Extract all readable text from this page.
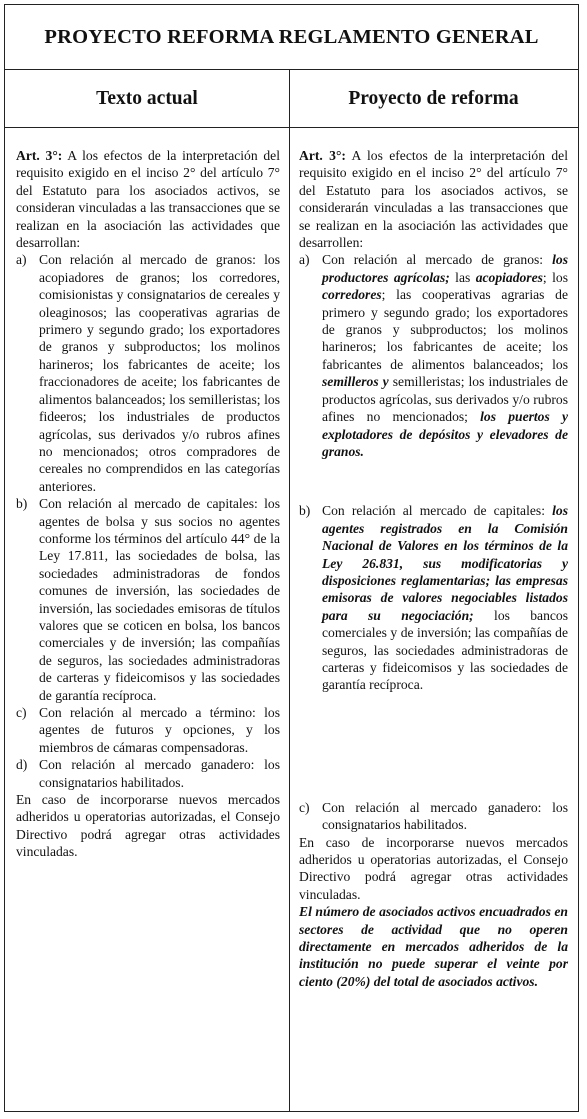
PROYECTO REFORMA REGLAMENTO GENERAL
Texto actual	Proyecto de reforma

Art. 3°: A los efectos de la interpretación del requisito exigido en el inciso 2° del artículo 7° del Estatuto para los asociados activos, se consideran vinculadas a las transacciones que se realizan en la asociación las actividades que desarrollan:

a) Con relación al mercado de granos: los acopiadores de granos; los corredores, comisionistas y consignatarios de cereales y oleaginosos; las cooperativas agrarias de primero y segundo grado; los exportadores de granos y subproductos; los molinos harineros; los fabricantes de aceite; los fraccionadores de aceite; los fabricantes de alimentos balanceados; los semilleristas; los fideeros; los industriales de productos agrícolas, sus derivados y/o rubros afines no mencionados; otros compradores de cereales no comprendidos en las categorías anteriores.
b) Con relación al mercado de capitales: los agentes de bolsa y sus socios no agentes conforme los términos del artículo 44° de la Ley 17.811, las sociedades de bolsa, las sociedades administradoras de fondos comunes de inversión, las sociedades de inversión, las sociedades emisoras de títulos valores que se coticen en bolsa, los bancos comerciales y de inversión; las compañías de seguros, las sociedades administradoras de carteras y fideicomisos y las sociedades de garantía recíproca.
c) Con relación al mercado a término: los agentes de futuros y opciones, y los miembros de cámaras compensadoras.
d) Con relación al mercado ganadero: los consignatarios habilitados.

En caso de incorporarse nuevos mercados adheridos u operatorias autorizadas, el Consejo Directivo podrá agregar otras actividades vinculadas.

Art. 3°: A los efectos de la interpretación del requisito exigido en el inciso 2° del artículo 7° del Estatuto para los asociados activos, se considerarán vinculadas a las transacciones que se realizan en la asociación las actividades que desarrollen:

a) Con relación al mercado de granos: los productores agrícolas; las acopiadores; los corredores; las cooperativas agrarias de primero y segundo grado; los exportadores de granos y subproductos; los molinos harineros; los fabricantes de aceite; los fabricantes de alimentos balanceados; los semilleros y semilleristas; los industriales de productos agrícolas, sus derivados y/o rubros afines no mencionados; los puertos y explotadores de depósitos y elevadores de granos.
b) Con relación al mercado de capitales: los agentes registrados en la Comisión Nacional de Valores en los términos de la Ley 26.831, sus modificatorias y disposiciones reglamentarias; las empresas emisoras de valores negociables listados para su negociación; los bancos comerciales y de inversión; las compañías de seguros, las sociedades administradoras de carteras y fideicomisos y las sociedades de garantía recíproca.
c) Con relación al mercado ganadero: los consignatarios habilitados.

En caso de incorporarse nuevos mercados adheridos u operatorias autorizadas, el Consejo Directivo podrá agregar otras actividades vinculadas.

El número de asociados activos encuadrados en sectores de actividad que no operen directamente en mercados adheridos de la institución no puede superar el veinte por ciento (20%) del total de asociados activos.
